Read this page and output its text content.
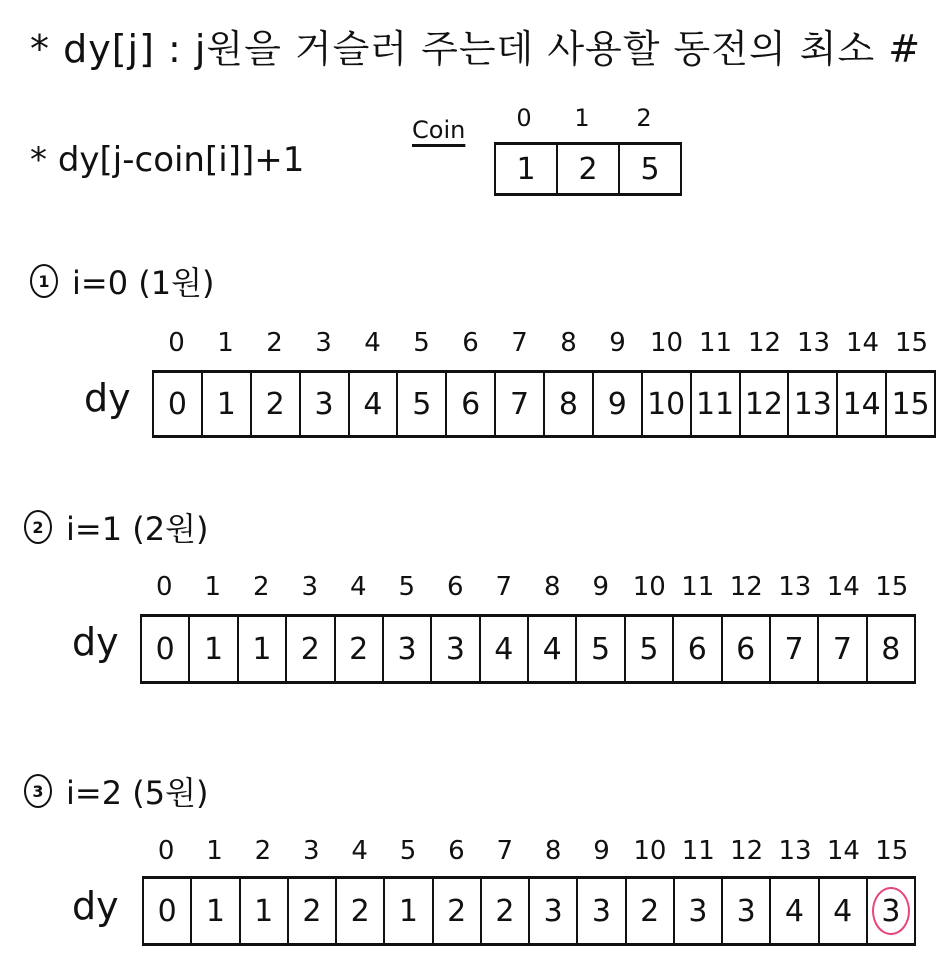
* dy[j] : j원을 거슬러 주는데 사용할 동전의 최소 #
* dy[j-coin[i]]+1
Coin	0	1	2
1	2	5
1 i=0 (1원)
0	1	2	3	4	5	6	7	8	9 10 11 12 13 14 15
dy 0 1 2 3 4 5 6 7 8 9 10 11 12 13 14 15
2 i=1 (2원)
0	1	2	3	4	5	6	7	8	9 10 11 12 13 14 15
dy 0 1 1 2 2 3 3 4 4 5 5 6 6 7 7 8
3 i=2 (5원)
0	1	2	3	4	5	6	7	8	9 10 11 12 13 14 15
dy 0 1 1 2 2 1 2 2 3 3 2 3 3 4 4 3
